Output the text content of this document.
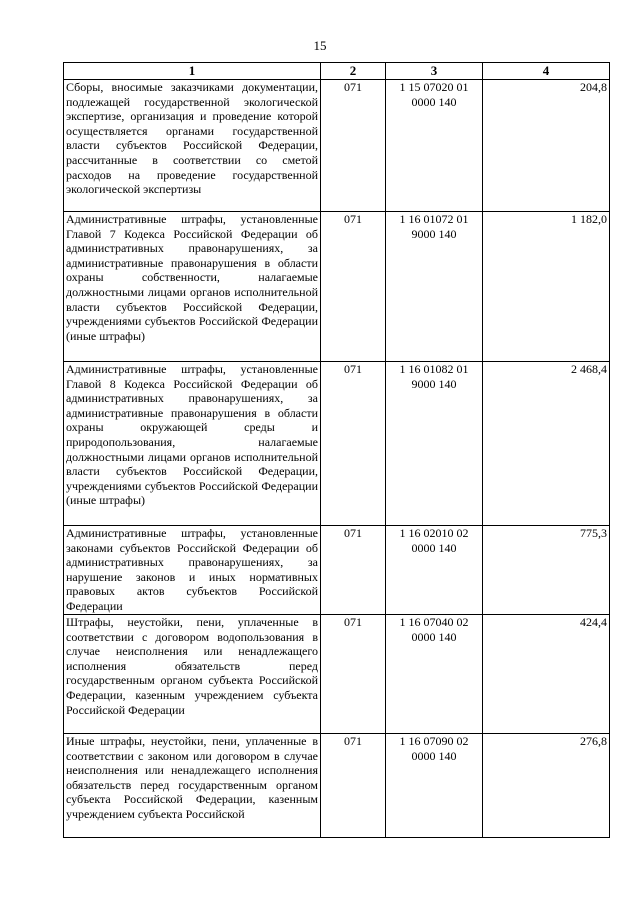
15
1	2	3	4
Сборы, вносимые заказчиками документации, подлежащей государственной экологической экспертизе, организация и проведение которой осуществляется органами государственной власти субъектов Российской Федерации, рассчитанные в соответствии со сметой расходов на проведение государственной экологической экспертизы	071	1 15 07020 01 0000 140	204,8
Административные штрафы, установленные Главой 7 Кодекса Российской Федерации об административных правонарушениях, за административные правонарушения в области охраны собственности, налагаемые должностными лицами органов исполнительной власти субъектов Российской Федерации, учреждениями субъектов Российской Федерации (иные штрафы)	071	1 16 01072 01 9000 140	1 182,0
Административные штрафы, установленные Главой 8 Кодекса Российской Федерации об административных правонарушениях, за административные правонарушения в области охраны окружающей среды и природопользования, налагаемые должностными лицами органов исполнительной власти субъектов Российской Федерации, учреждениями субъектов Российской Федерации (иные штрафы)	071	1 16 01082 01 9000 140	2 468,4
Административные штрафы, установленные законами субъектов Российской Федерации об административных правонарушениях, за нарушение законов и иных нормативных правовых актов субъектов Российской Федерации	071	1 16 02010 02 0000 140	775,3
Штрафы, неустойки, пени, уплаченные в соответствии с договором водопользования в случае неисполнения или ненадлежащего исполнения обязательств перед государственным органом субъекта Российской Федерации, казенным учреждением субъекта Российской Федерации	071	1 16 07040 02 0000 140	424,4
Иные штрафы, неустойки, пени, уплаченные в соответствии с законом или договором в случае неисполнения или ненадлежащего исполнения обязательств перед государственным органом субъекта Российской Федерации, казенным учреждением субъекта Российской	071	1 16 07090 02 0000 140	276,8
